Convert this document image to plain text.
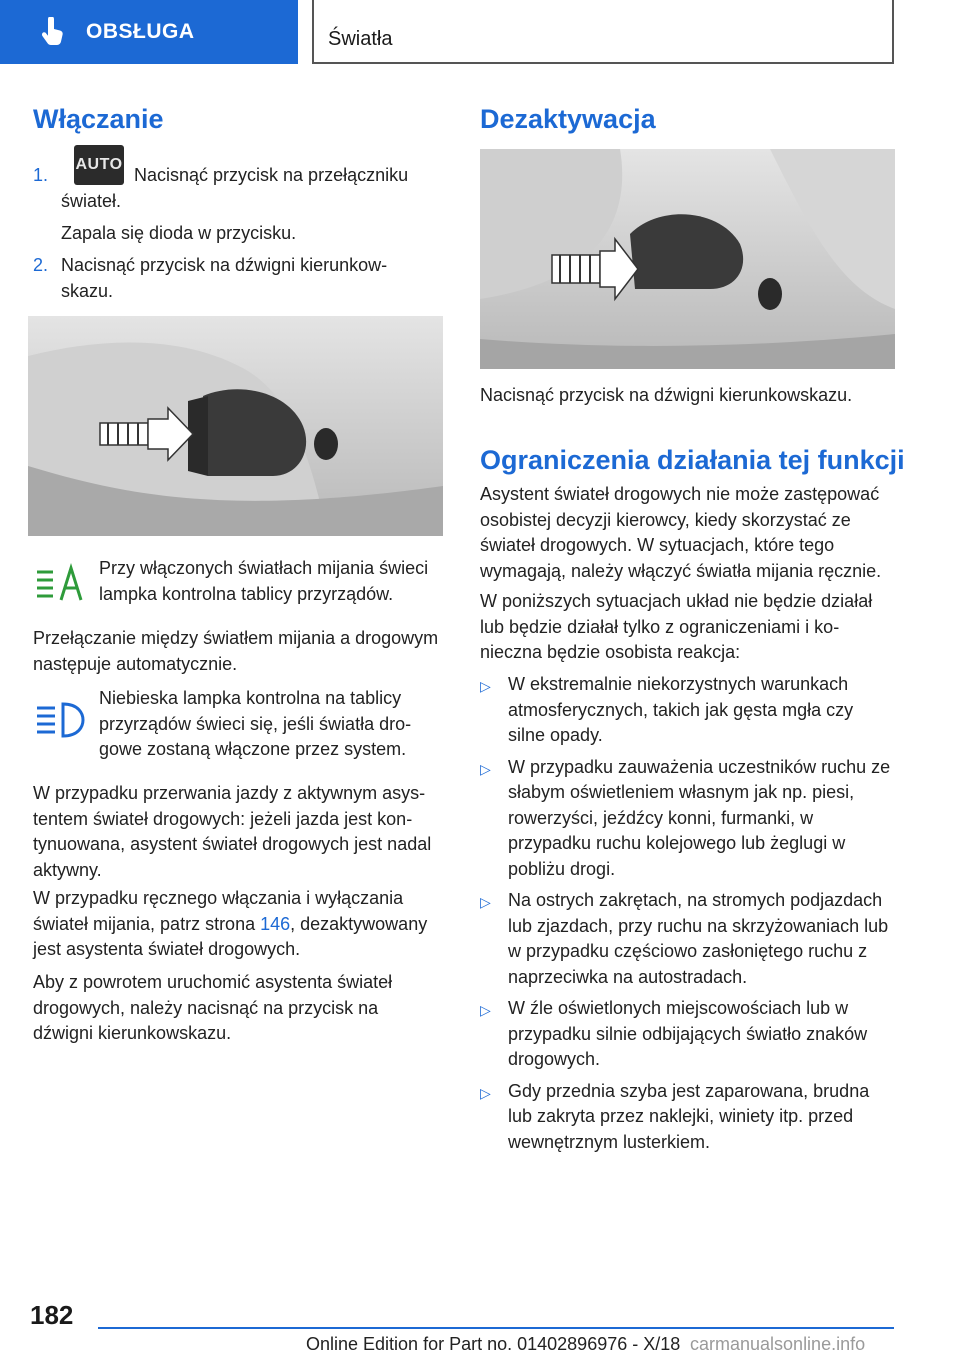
OBSŁUGA	Światła
Włączanie
1.
AUTO
Nacisnąć przycisk na przełączniku świateł.
Zapala się dioda w przycisku.
2. Nacisnąć przycisk na dźwigni kierunkowskazu.
Przy włączonych światłach mijania świeci lampka kontrolna tablicy przyrządów.
Przełączanie między światłem mijania a drogowym następuje automatycznie.
Niebieska lampka kontrolna na tablicy przyrządów świeci się, jeśli światła drogowe zostaną włączone przez system.
W przypadku przerwania jazdy z aktywnym asystentem świateł drogowych: jeżeli jazda jest kontynuowana, asystent świateł drogowych jest nadal aktywny.
W przypadku ręcznego włączania i wyłączania świateł mijania, patrz strona 146, dezaktywowany jest asystenta świateł drogowych.
Aby z powrotem uruchomić asystenta świateł drogowych, należy nacisnąć na przycisk na dźwigni kierunkowskazu.
Dezaktywacja
Nacisnąć przycisk na dźwigni kierunkowskazu.
Ograniczenia działania tej funkcji
Asystent świateł drogowych nie może zastępować osobistej decyzji kierowcy, kiedy skorzystać ze świateł drogowych. W sytuacjach, które tego wymagają, należy włączyć światła mijania ręcznie.
W poniższych sytuacjach układ nie będzie działał lub będzie działał tylko z ograniczeniami i konieczna będzie osobista reakcja:
▷ W ekstremalnie niekorzystnych warunkach atmosferycznych, takich jak gęsta mgła czy silne opady.
▷ W przypadku zauważenia uczestników ruchu ze słabym oświetleniem własnym jak np. piesi, rowerzyści, jeźdźcy konni, furmanki, w przypadku ruchu kolejowego lub żeglugi w pobliżu drogi.
▷ Na ostrych zakrętach, na stromych podjazdach lub zjazdach, przy ruchu na skrzyżowaniach lub w przypadku częściowo zasłoniętego ruchu z naprzeciwka na autostradach.
▷ W źle oświetlonych miejscowościach lub w przypadku silnie odbijających światło znaków drogowych.
▷ Gdy przednia szyba jest zaparowana, brudna lub zakryta przez naklejki, winiety itp. przed wewnętrznym lusterkiem.
182
Online Edition for Part no. 01402896976 - X/18 carmanualsonline.info
